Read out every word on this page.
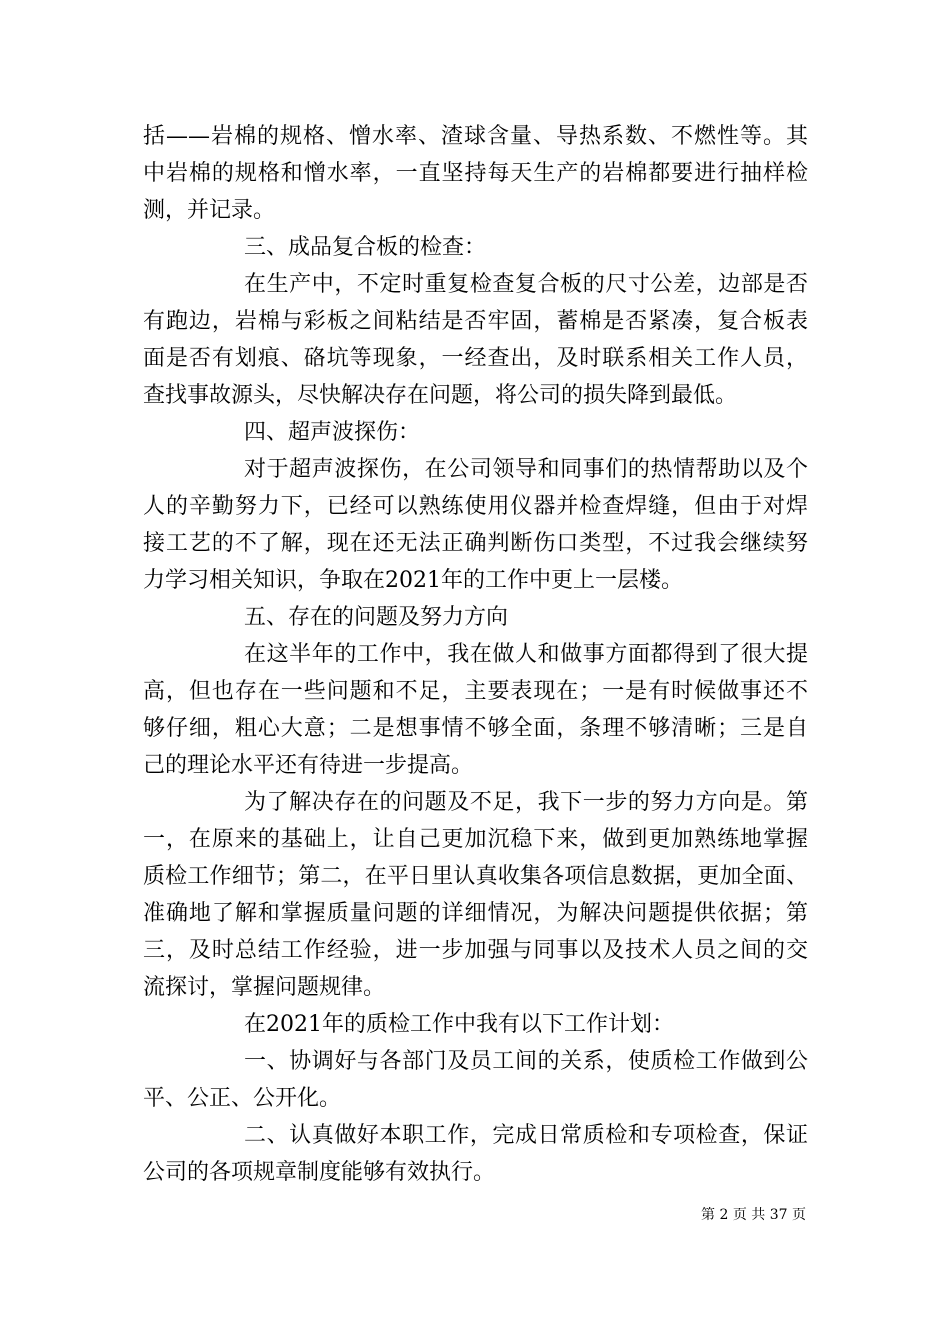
括——岩棉的规格、憎水率、渣球含量、导热系数、不燃性等。其
中岩棉的规格和憎水率，一直坚持每天生产的岩棉都要进行抽样检
测，并记录。
三、成品复合板的检查：
在生产中，不定时重复检查复合板的尺寸公差，边部是否
有跑边，岩棉与彩板之间粘结是否牢固，蓄棉是否紧凑，复合板表
面是否有划痕、硌坑等现象，一经查出，及时联系相关工作人员，
查找事故源头，尽快解决存在问题，将公司的损失降到最低。
四、超声波探伤：
对于超声波探伤，在公司领导和同事们的热情帮助以及个
人的辛勤努力下，已经可以熟练使用仪器并检查焊缝，但由于对焊
接工艺的不了解，现在还无法正确判断伤口类型，不过我会继续努
力学习相关知识，争取在2021年的工作中更上一层楼。
五、存在的问题及努力方向
在这半年的工作中，我在做人和做事方面都得到了很大提
高，但也存在一些问题和不足，主要表现在；一是有时候做事还不
够仔细，粗心大意；二是想事情不够全面，条理不够清晰；三是自
己的理论水平还有待进一步提高。
为了解决存在的问题及不足，我下一步的努力方向是。第
一，在原来的基础上，让自己更加沉稳下来，做到更加熟练地掌握
质检工作细节；第二，在平日里认真收集各项信息数据，更加全面、
准确地了解和掌握质量问题的详细情况，为解决问题提供依据；第
三，及时总结工作经验，进一步加强与同事以及技术人员之间的交
流探讨，掌握问题规律。
在2021年的质检工作中我有以下工作计划：
一、协调好与各部门及员工间的关系，使质检工作做到公
平、公正、公开化。
二、认真做好本职工作，完成日常质检和专项检查，保证
公司的各项规章制度能够有效执行。
第 2 页 共 37 页
